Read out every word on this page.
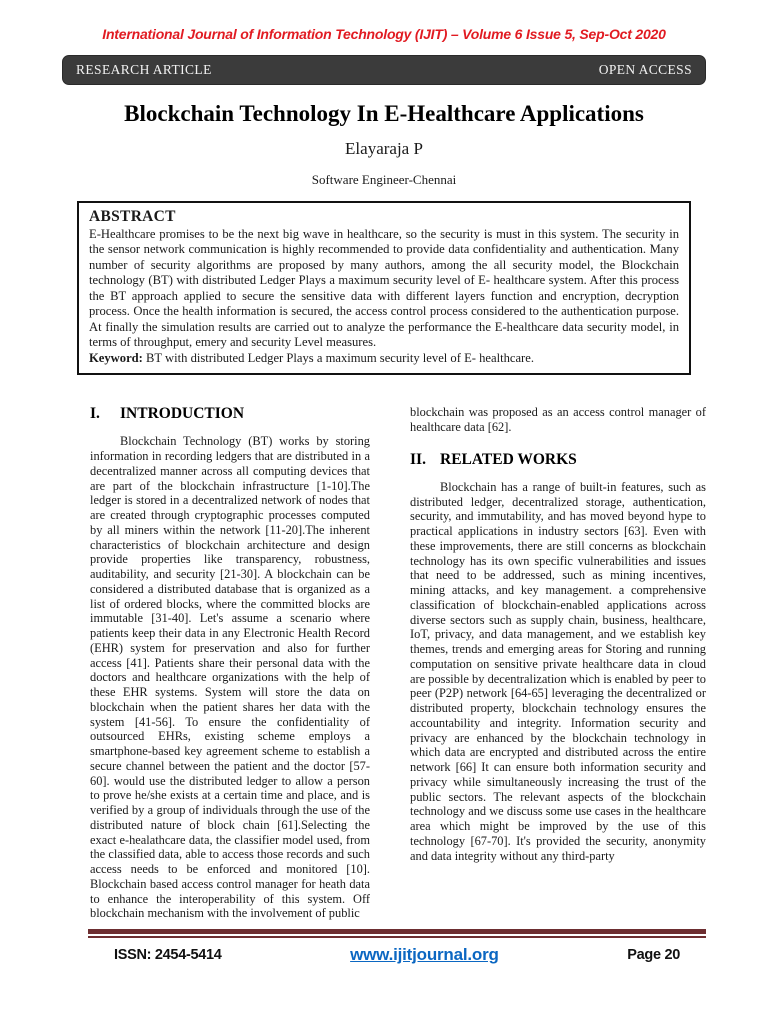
International Journal of Information Technology (IJIT) – Volume 6 Issue 5, Sep-Oct 2020
RESEARCH ARTICLE	OPEN ACCESS
Blockchain Technology In E-Healthcare Applications
Elayaraja P
Software Engineer-Chennai
ABSTRACT
E-Healthcare promises to be the next big wave in healthcare, so the security is must in this system. The security in the sensor network communication is highly recommended to provide data confidentiality and authentication. Many number of security algorithms are proposed by many authors, among the all security model, the Blockchain technology (BT) with distributed Ledger Plays a maximum security level of E- healthcare system. After this process the BT approach applied to secure the sensitive data with different layers function and encryption, decryption process. Once the health information is secured, the access control process considered to the authentication purpose. At finally the simulation results are carried out to analyze the performance the E-healthcare data security model, in terms of throughput, emery and security Level measures.
Keyword: BT with distributed Ledger Plays a maximum security level of E- healthcare.
I. INTRODUCTION

Blockchain Technology (BT) works by storing information in recording ledgers that are distributed in a decentralized manner across all computing devices that are part of the blockchain infrastructure [1-10].The ledger is stored in a decentralized network of nodes that are created through cryptographic processes computed by all miners within the network [11-20].The inherent characteristics of blockchain architecture and design provide properties like transparency, robustness, auditability, and security [21-30]. A blockchain can be considered a distributed database that is organized as a list of ordered blocks, where the committed blocks are immutable [31-40]. Let's assume a scenario where patients keep their data in any Electronic Health Record (EHR) system for preservation and also for further access [41]. Patients share their personal data with the doctors and healthcare organizations with the help of these EHR systems. System will store the data on blockchain when the patient shares her data with the system [41-56]. To ensure the confidentiality of outsourced EHRs, existing scheme employs a smartphone-based key agreement scheme to establish a secure channel between the patient and the doctor [57-60]. would use the distributed ledger to allow a person to prove he/she exists at a certain time and place, and is verified by a group of individuals through the use of the distributed nature of block chain [61].Selecting the exact e-healathcare data, the classifier model used, from the classified data, able to access those records and such access needs to be enforced and monitored [10]. Blockchain based access control manager for heath data to enhance the interoperability of this system. Off blockchain mechanism with the involvement of public

blockchain was proposed as an access control manager of healthcare data [62].

II. RELATED WORKS

Blockchain has a range of built-in features, such as distributed ledger, decentralized storage, authentication, security, and immutability, and has moved beyond hype to practical applications in industry sectors [63]. Even with these improvements, there are still concerns as blockchain technology has its own specific vulnerabilities and issues that need to be addressed, such as mining incentives, mining attacks, and key management. a comprehensive classification of blockchain-enabled applications across diverse sectors such as supply chain, business, healthcare, IoT, privacy, and data management, and we establish key themes, trends and emerging areas for Storing and running computation on sensitive private healthcare data in cloud are possible by decentralization which is enabled by peer to peer (P2P) network [64-65] leveraging the decentralized or distributed property, blockchain technology ensures the accountability and integrity. Information security and privacy are enhanced by the blockchain technology in which data are encrypted and distributed across the entire network [66] It can ensure both information security and privacy while simultaneously increasing the trust of the public sectors. The relevant aspects of the blockchain technology and we discuss some use cases in the healthcare area which might be improved by the use of this technology [67-70]. It's provided the security, anonymity and data integrity without any third-party

ISSN: 2454-5414	www.ijitjournal.org	Page 20
